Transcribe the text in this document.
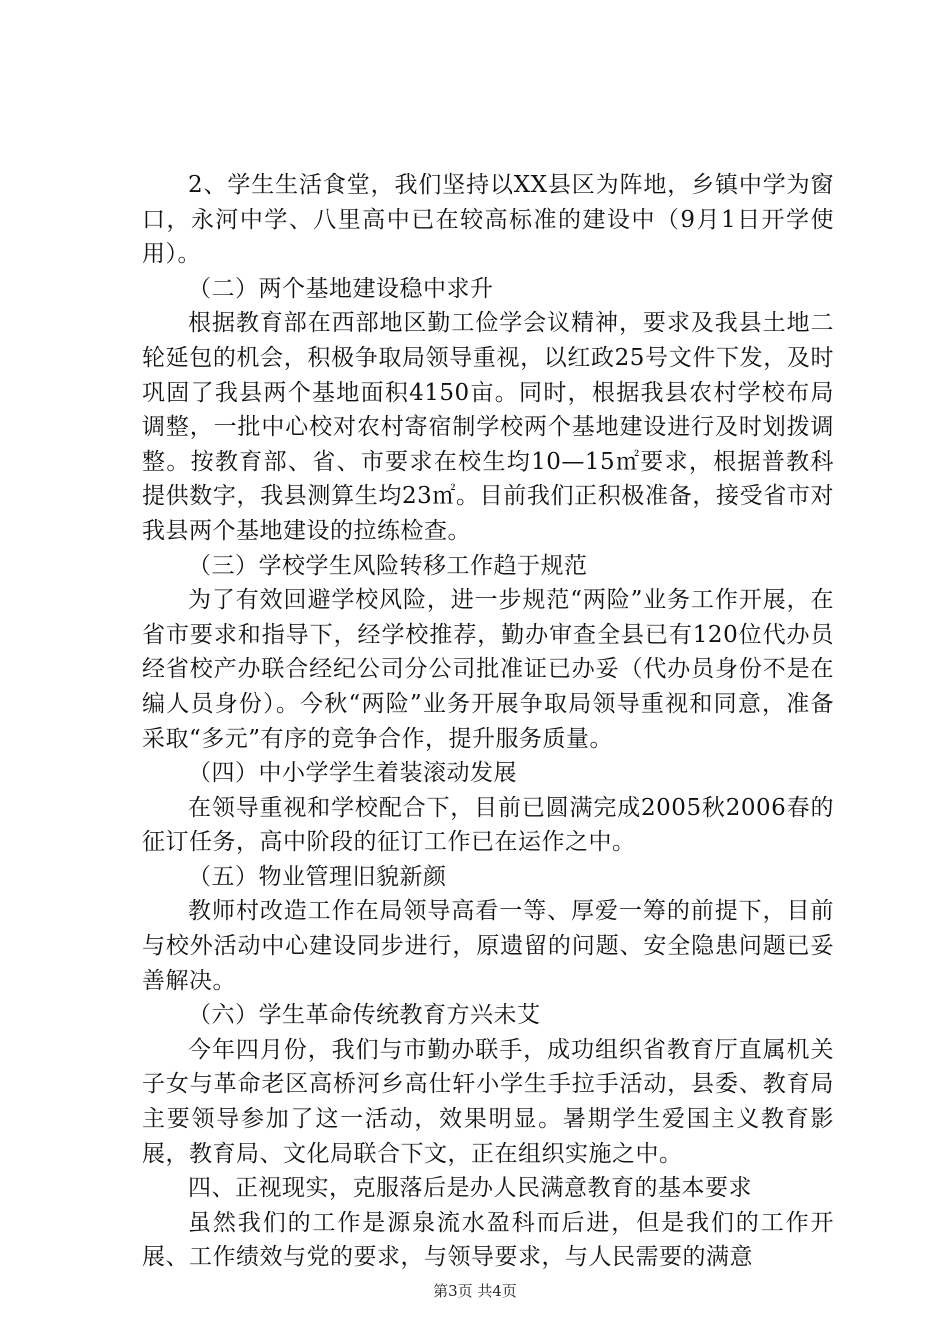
2、学生生活食堂，我们坚持以XX县区为阵地，乡镇中学为窗口，永河中学、八里高中已在较高标准的建设中（9月1日开学使用）。

（二）两个基地建设稳中求升

根据教育部在西部地区勤工俭学会议精神，要求及我县土地二轮延包的机会，积极争取局领导重视，以红政25号文件下发，及时巩固了我县两个基地面积4150亩。同时，根据我县农村学校布局调整，一批中心校对农村寄宿制学校两个基地建设进行及时划拨调整。按教育部、省、市要求在校生均10—15㎡要求，根据普教科提供数字，我县测算生均23㎡。目前我们正积极准备，接受省市对我县两个基地建设的拉练检查。

（三）学校学生风险转移工作趋于规范

为了有效回避学校风险，进一步规范“两险”业务工作开展，在省市要求和指导下，经学校推荐，勤办审查全县已有120位代办员经省校产办联合经纪公司分公司批准证已办妥（代办员身份不是在编人员身份）。今秋“两险”业务开展争取局领导重视和同意，准备采取“多元”有序的竞争合作，提升服务质量。

（四）中小学学生着装滚动发展

在领导重视和学校配合下，目前已圆满完成2005秋2006春的征订任务，高中阶段的征订工作已在运作之中。

（五）物业管理旧貌新颜

教师村改造工作在局领导高看一等、厚爱一筹的前提下，目前与校外活动中心建设同步进行，原遗留的问题、安全隐患问题已妥善解决。

（六）学生革命传统教育方兴未艾

今年四月份，我们与市勤办联手，成功组织省教育厅直属机关子女与革命老区高桥河乡高仕轩小学生手拉手活动，县委、教育局主要领导参加了这一活动，效果明显。暑期学生爱国主义教育影展，教育局、文化局联合下文，正在组织实施之中。

四、正视现实，克服落后是办人民满意教育的基本要求

虽然我们的工作是源泉流水盈科而后进，但是我们的工作开展、工作绩效与党的要求，与领导要求，与人民需要的满意

第3页 共4页
